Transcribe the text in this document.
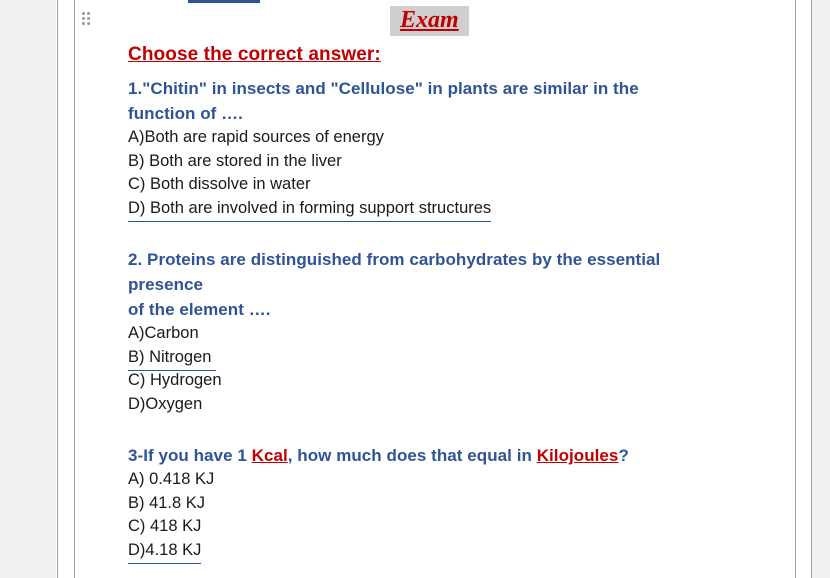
Exam
Choose the correct answer:
1."Chitin" in insects and "Cellulose" in plants are similar in the
function of ….
A)Both are rapid sources of energy
B) Both are stored in the liver
C) Both dissolve in water
D) Both are involved in forming support structures
2. Proteins are distinguished from carbohydrates by the essential
presence
of the element ….
A)Carbon
B) Nitrogen
C) Hydrogen
D)Oxygen
3-If you have 1 Kcal, how much does that equal in Kilojoules?
A) 0.418 KJ
B) 41.8 KJ
C) 418 KJ
D)4.18 KJ
